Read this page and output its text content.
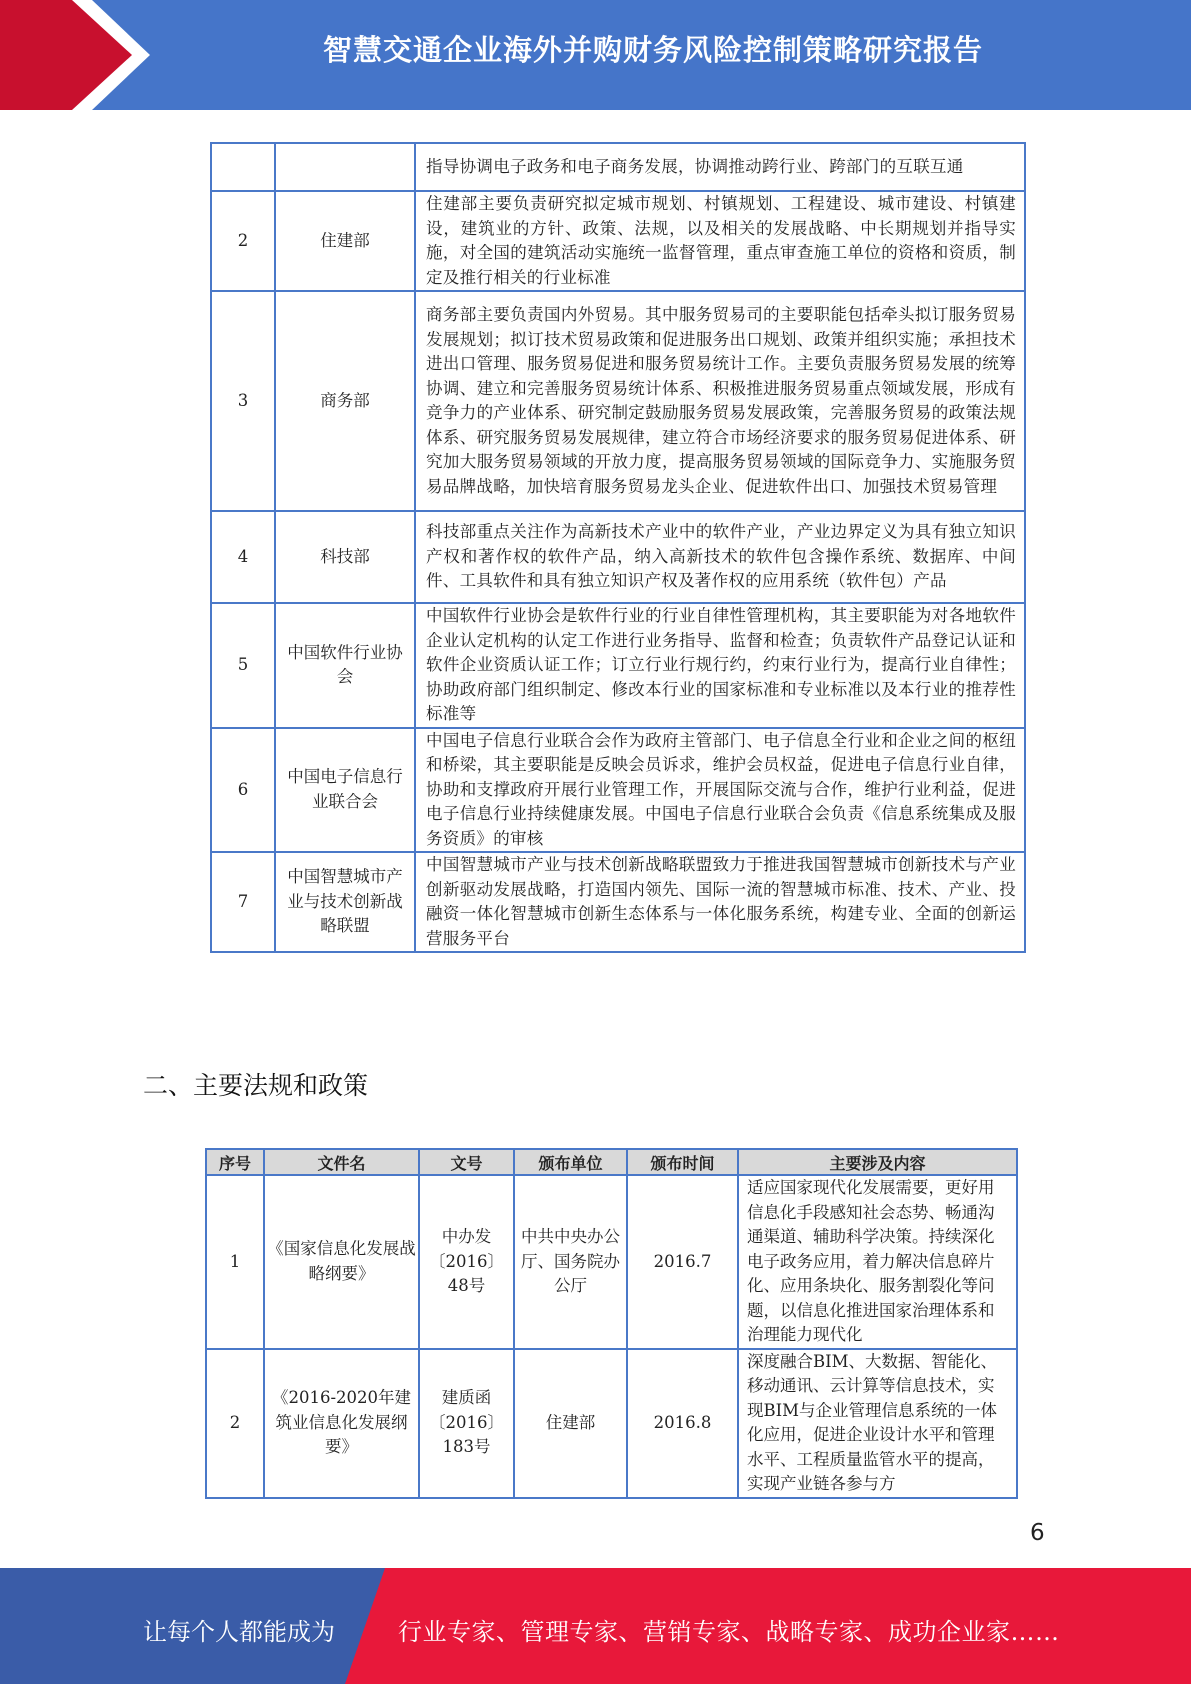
智慧交通企业海外并购财务风险控制策略研究报告
		指导协调电子政务和电子商务发展，协调推动跨行业、跨部门的互联互通
2	住建部	住建部主要负责研究拟定城市规划、村镇规划、工程建设、城市建设、村镇建设，建筑业的方针、政策、法规，以及相关的发展战略、中长期规划并指导实施，对全国的建筑活动实施统一监督管理，重点审查施工单位的资格和资质，制定及推行相关的行业标准
3	商务部	商务部主要负责国内外贸易。其中服务贸易司的主要职能包括牵头拟订服务贸易发展规划；拟订技术贸易政策和促进服务出口规划、政策并组织实施；承担技术进出口管理、服务贸易促进和服务贸易统计工作。主要负责服务贸易发展的统筹协调、建立和完善服务贸易统计体系、积极推进服务贸易重点领域发展，形成有竞争力的产业体系、研究制定鼓励服务贸易发展政策，完善服务贸易的政策法规体系、研究服务贸易发展规律，建立符合市场经济要求的服务贸易促进体系、研究加大服务贸易领域的开放力度，提高服务贸易领域的国际竞争力、实施服务贸易品牌战略，加快培育服务贸易龙头企业、促进软件出口、加强技术贸易管理
4	科技部	科技部重点关注作为高新技术产业中的软件产业，产业边界定义为具有独立知识产权和著作权的软件产品，纳入高新技术的软件包含操作系统、数据库、中间件、工具软件和具有独立知识产权及著作权的应用系统（软件包）产品
5	中国软件行业协会	中国软件行业协会是软件行业的行业自律性管理机构，其主要职能为对各地软件企业认定机构的认定工作进行业务指导、监督和检查；负责软件产品登记认证和软件企业资质认证工作；订立行业行规行约，约束行业行为，提高行业自律性；协助政府部门组织制定、修改本行业的国家标准和专业标准以及本行业的推荐性标准等
6	中国电子信息行业联合会	中国电子信息行业联合会作为政府主管部门、电子信息全行业和企业之间的枢纽和桥梁，其主要职能是反映会员诉求，维护会员权益，促进电子信息行业自律，协助和支撑政府开展行业管理工作，开展国际交流与合作，维护行业利益，促进电子信息行业持续健康发展。中国电子信息行业联合会负责《信息系统集成及服务资质》的审核
7	中国智慧城市产业与技术创新战略联盟	中国智慧城市产业与技术创新战略联盟致力于推进我国智慧城市创新技术与产业创新驱动发展战略，打造国内领先、国际一流的智慧城市标准、技术、产业、投融资一体化智慧城市创新生态体系与一体化服务系统，构建专业、全面的创新运营服务平台
二、主要法规和政策
序号	文件名	文号	颁布单位	颁布时间	主要涉及内容
1	《国家信息化发展战略纲要》	中办发〔2016〕48号	中共中央办公厅、国务院办公厅	2016.7	适应国家现代化发展需要，更好用信息化手段感知社会态势、畅通沟通渠道、辅助科学决策。持续深化电子政务应用，着力解决信息碎片化、应用条块化、服务割裂化等问题，以信息化推进国家治理体系和治理能力现代化
2	《2016-2020年建筑业信息化发展纲要》	建质函〔2016〕183号	住建部	2016.8	深度融合BIM、大数据、智能化、移动通讯、云计算等信息技术，实现BIM与企业管理信息系统的一体化应用，促进企业设计水平和管理水平、工程质量监管水平的提高，实现产业链各参与方
6
让每个人都能成为	行业专家、管理专家、营销专家、战略专家、成功企业家……
